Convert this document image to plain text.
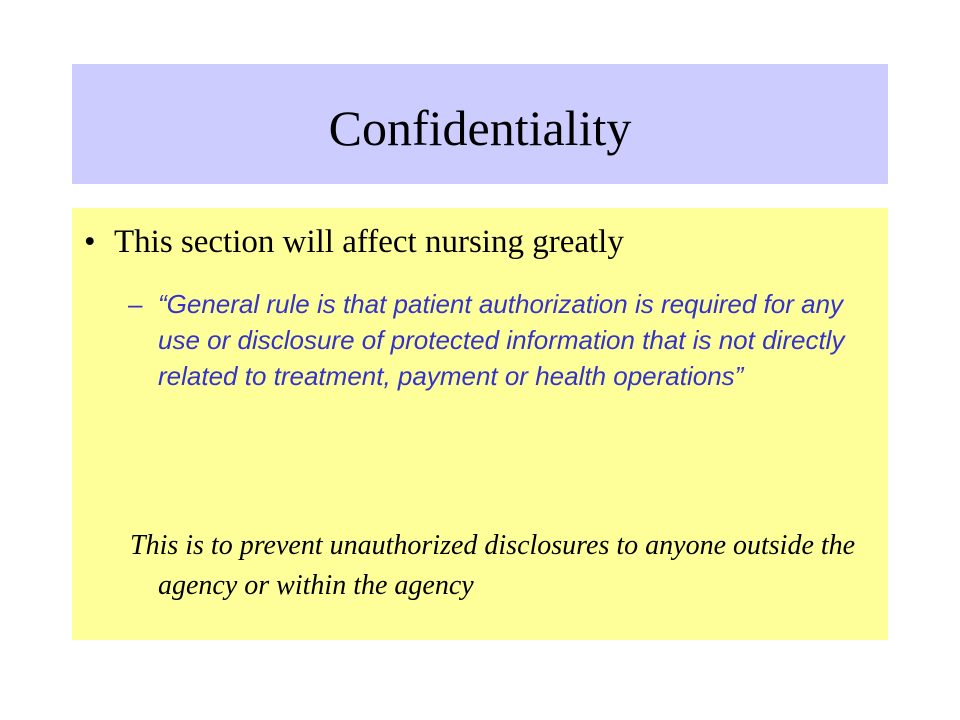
Confidentiality
• This section will affect nursing greatly
– “General rule is that patient authorization is required for any use or disclosure of protected information that is not directly related to treatment, payment or health operations”
This is to prevent unauthorized disclosures to anyone outside the agency or within the agency
